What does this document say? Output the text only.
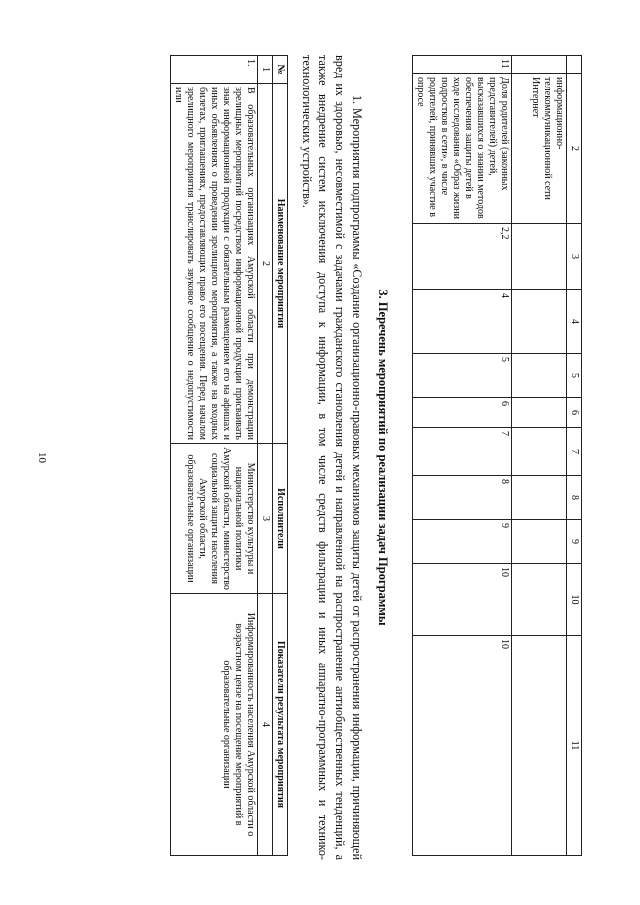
10
	2	3	4	5	6	7	8	9	10	11
	информационно-телекоммуникационной сети Интернет									
11	Доля родителей (законных представителей) детей, высказавшихся о знании методов обеспечения защиты детей в ходе исследования «Образ жизни подростков в сети», в числе родителей, принявших участие в опросе	2,2	4	5	6	7	8	9	10	10
3. Перечень мероприятий по реализации задач Программы
1. Мероприятия подпрограммы «Создание организационно-правовых механизмов защиты детей от распространения информации, причиняющей вред их здоровью, несовместимой с задачами гражданского становления детей и направленной на распространение антиобщественных тенденций, а также внедрение систем исключения доступа к информации, в том числе средств фильтрации и иных аппаратно-программных и технико-технологических устройств».
№	Наименование мероприятия	Исполнители	Показатели результата мероприятия
1	2	3	4
1.	В образовательных организациях Амурской области при демонстрации зрелищных мероприятий посредством информационной продукции присваивать знак информационной продукции с обязательным размещением его на афишах и иных объявлениях о проведении зрелищного мероприятия, а также на входных билетах, приглашениях, предоставляющих право его посещения. Перед началом зрелищного мероприятия транслировать звуковое сообщение о недопустимости или	Министерство культуры и национальной политики Амурской области, министерство социальной защиты населения Амурской области, образовательные организации	Информированность населения Амурской области о возрастном цензе на посещение мероприятий в образовательные организации
